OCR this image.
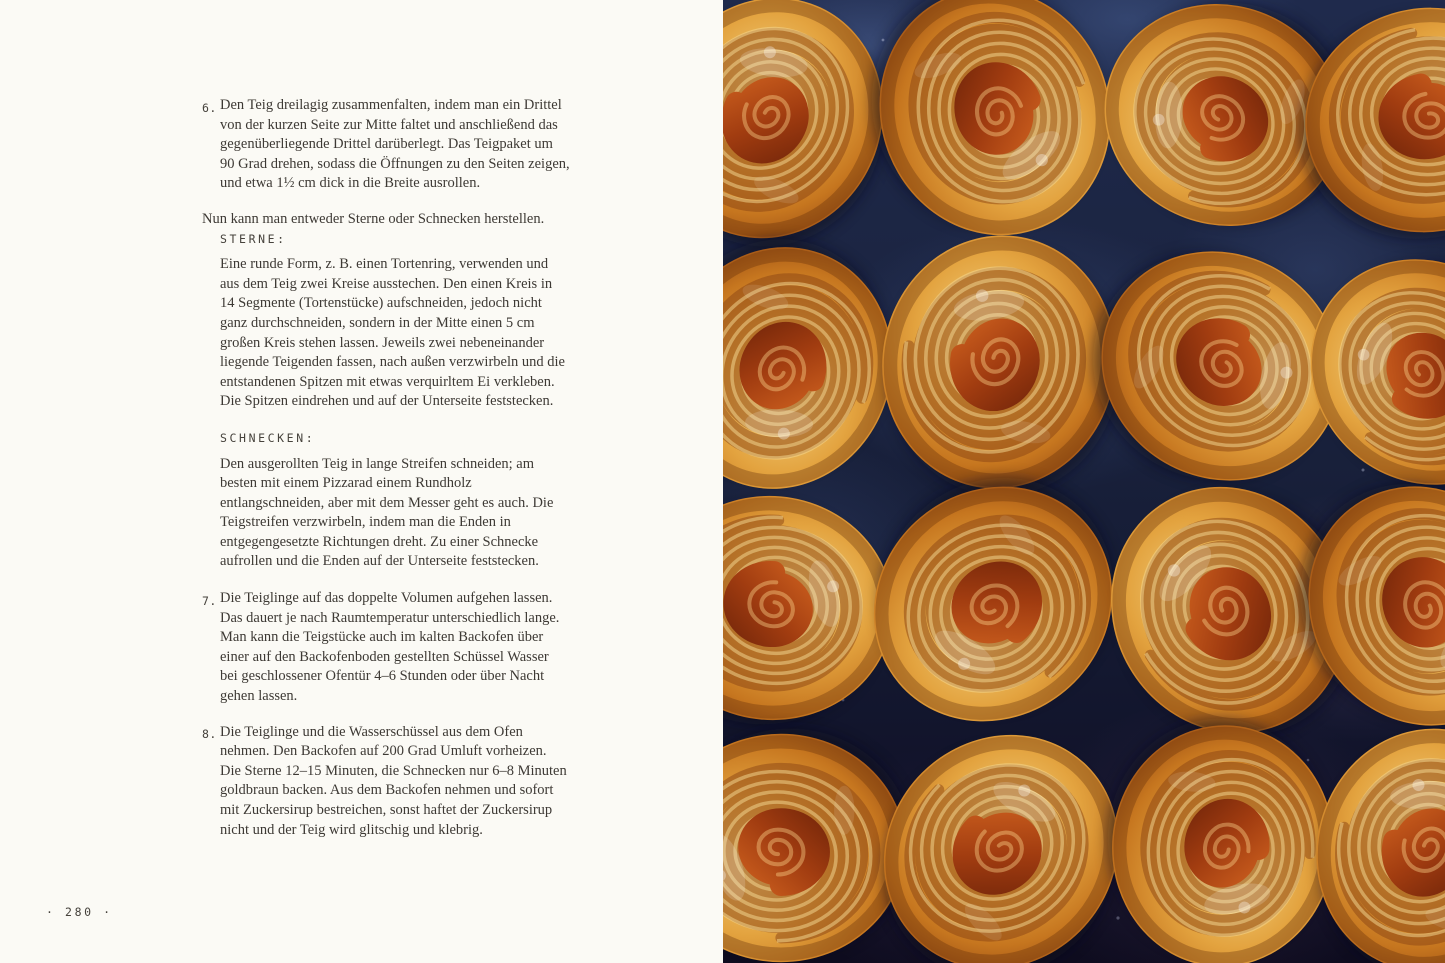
6. Den Teig dreilagig zusammenfalten, indem man ein Drittel von der kurzen Seite zur Mitte faltet und anschließend das gegenüberliegende Drittel darüberlegt. Das Teigpaket um 90 Grad drehen, sodass die Öffnungen zu den Seiten zeigen, und etwa 1½ cm dick in die Breite ausrollen.

Nun kann man entweder Sterne oder Schnecken herstellen.

STERNE:
Eine runde Form, z. B. einen Tortenring, verwenden und aus dem Teig zwei Kreise ausstechen. Den einen Kreis in 14 Segmente (Tortenstücke) aufschneiden, jedoch nicht ganz durchschneiden, sondern in der Mitte einen 5 cm großen Kreis stehen lassen. Jeweils zwei nebeneinander liegende Teigenden fassen, nach außen verzwirbeln und die entstandenen Spitzen mit etwas verquirltem Ei verkleben. Die Spitzen eindrehen und auf der Unterseite feststecken.
SCHNECKEN:
Den ausgerollten Teig in lange Streifen schneiden; am besten mit einem Pizzarad einem Rundholz entlangschneiden, aber mit dem Messer geht es auch. Die Teigstreifen verzwirbeln, indem man die Enden in entgegengesetzte Richtungen dreht. Zu einer Schnecke aufrollen und die Enden auf der Unterseite feststecken.
7. Die Teiglinge auf das doppelte Volumen aufgehen lassen. Das dauert je nach Raumtemperatur unterschiedlich lange. Man kann die Teigstücke auch im kalten Backofen über einer auf den Backofenboden gestellten Schüssel Wasser bei geschlossener Ofentür 4–6 Stunden oder über Nacht gehen lassen.
8. Die Teiglinge und die Wasserschüssel aus dem Ofen nehmen. Den Backofen auf 200 Grad Umluft vorheizen. Die Sterne 12–15 Minuten, die Schnecken nur 6–8 Minuten goldbraun backen. Aus dem Backofen nehmen und sofort mit Zuckersirup bestreichen, sonst haftet der Zuckersirup nicht und der Teig wird glitschig und klebrig.
· 280 ·
